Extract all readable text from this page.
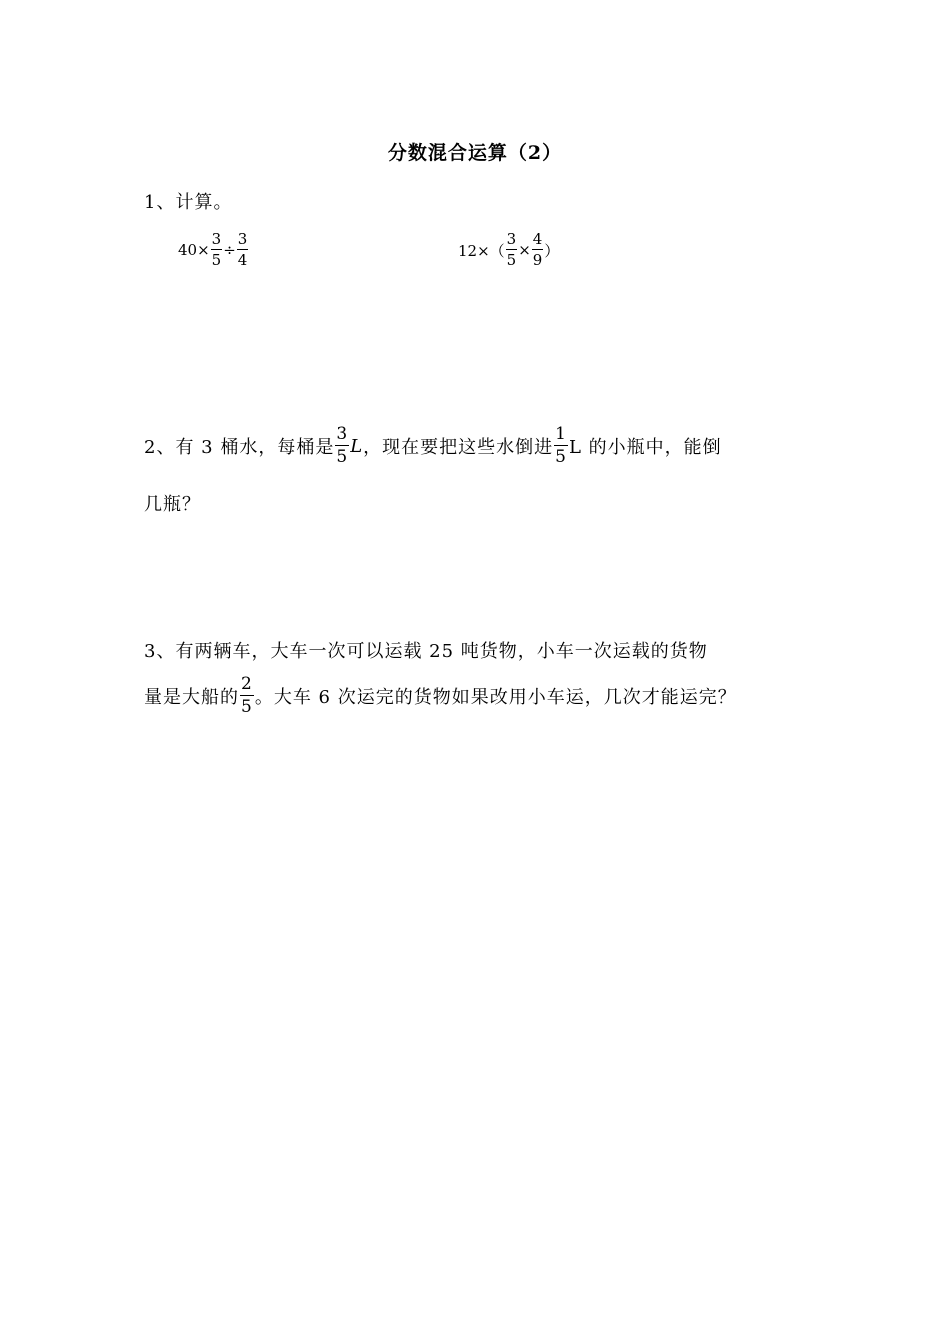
分数混合运算（2）
1、计算。
$40\times \frac{3}{5} \div \frac{3}{4}$	$12\times( \frac{3}{5} \times \frac{4}{9}$ ）
2、有 3 桶水，每桶是 $\frac{3}{5}$ L ，现在要把这些水倒进 $\frac{1}{5}$ L 的小瓶中，能倒
几瓶？
3、有两辆车，大车一次可以运载 25 吨货物，小车一次运载的货物
量是大船的 $\frac{2}{5}$ 。大车 6 次运完的货物如果改用小车运，几次才能运完？
